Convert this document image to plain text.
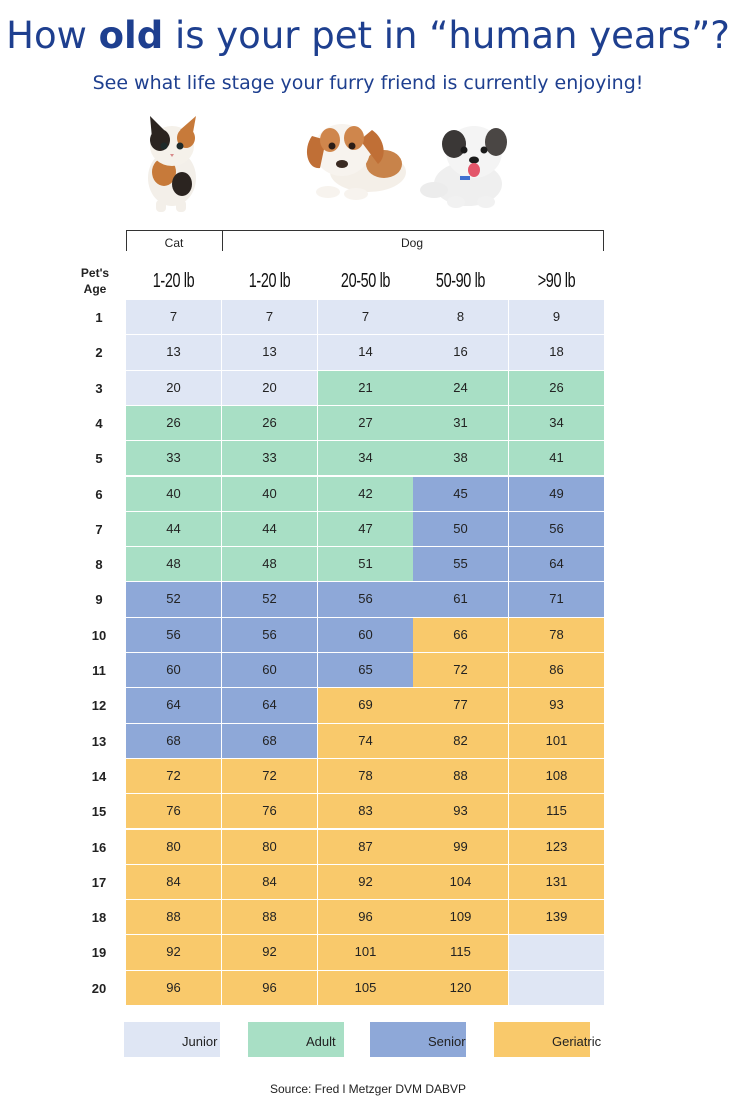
How old is your pet in “human years”?
See what life stage your furry friend is currently enjoying!
Cat	Dog
Pet's
Age	1-20 lb	1-20 lb	20-50 lb	50-90 lb	>90 lb
1	7	7	7	8	9
2	13	13	14	16	18
3	20	20	21	24	26
4	26	26	27	31	34
5	33	33	34	38	41
6	40	40	42	45	49
7	44	44	47	50	56
8	48	48	51	55	64
9	52	52	56	61	71
10	56	56	60	66	78
11	60	60	65	72	86
12	64	64	69	77	93
13	68	68	74	82	101
14	72	72	78	88	108
15	76	76	83	93	115
16	80	80	87	99	123
17	84	84	92	104	131
18	88	88	96	109	139
19	92	92	101	115
20	96	96	105	120
Junior	Adult	Senior	Geriatric
Source: Fred l Metzger DVM DABVP
